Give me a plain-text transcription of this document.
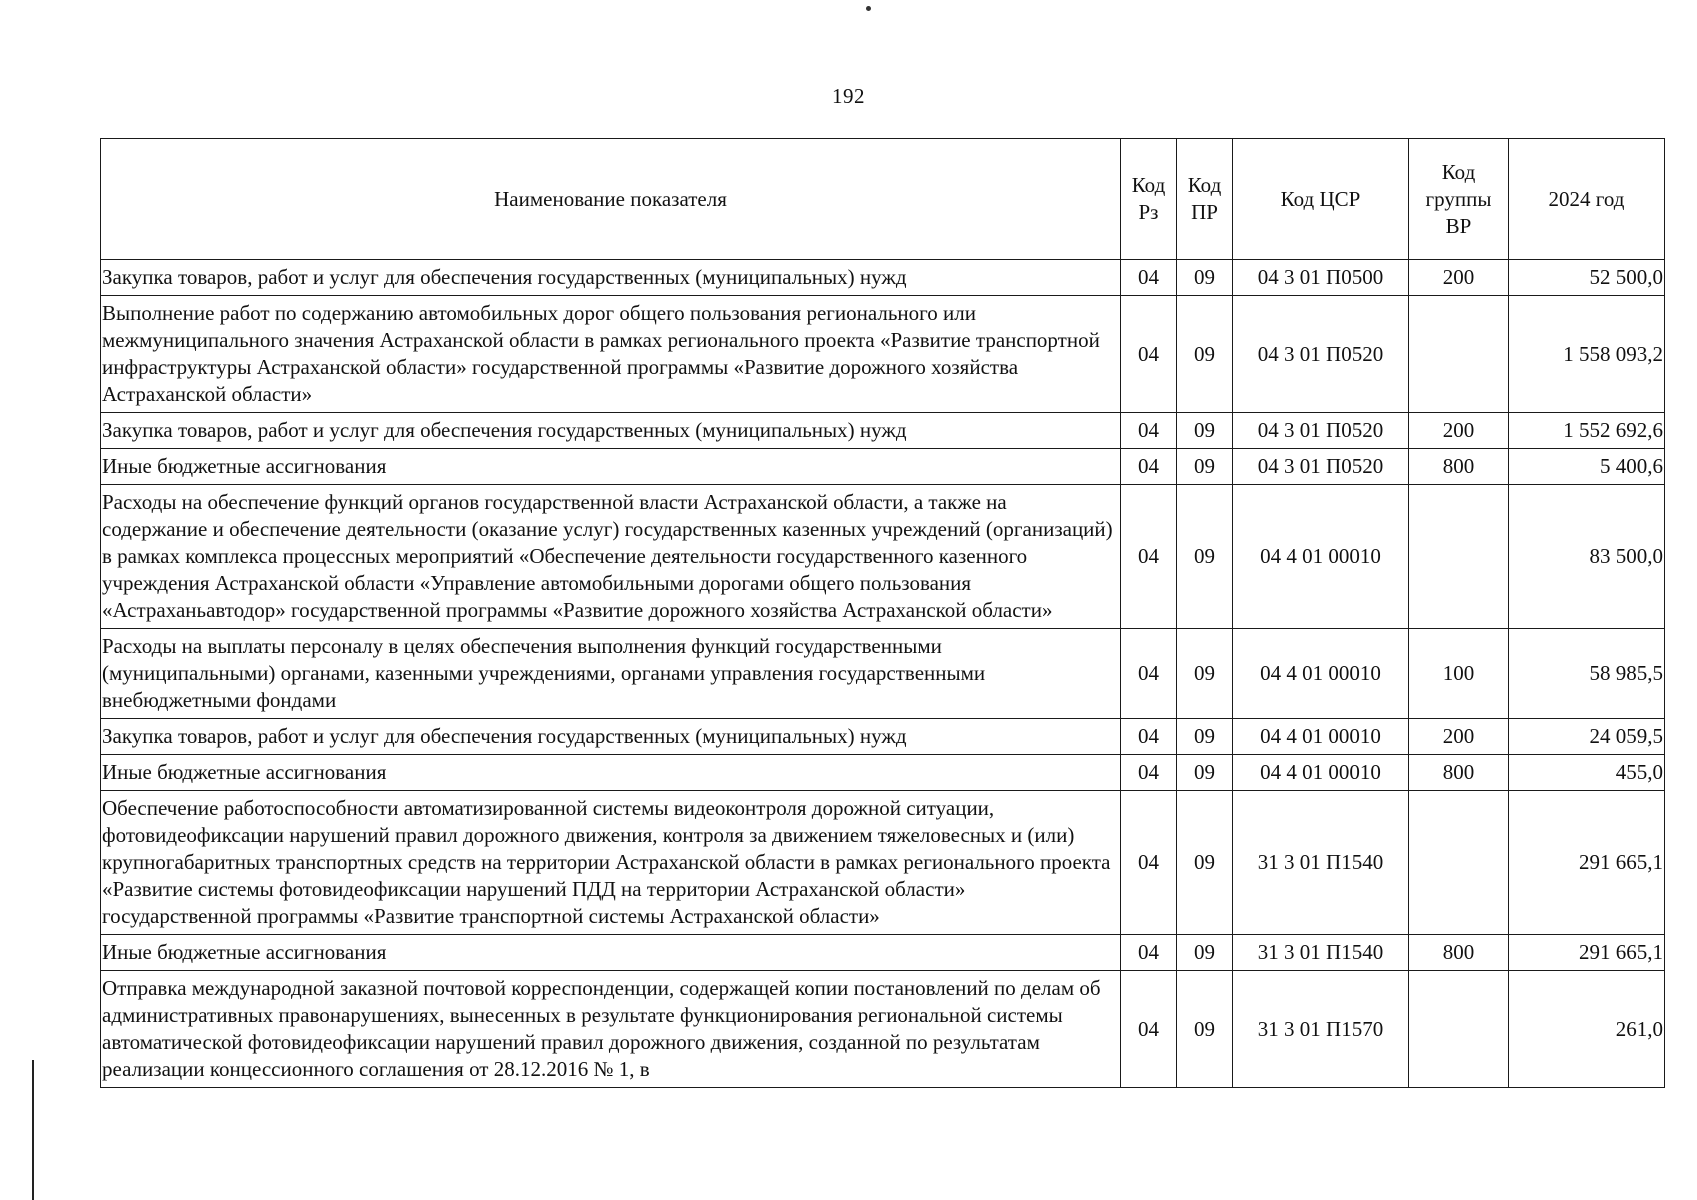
192
Наименование показателя	Код Рз	Код ПР	Код ЦСР	Код группы ВР	2024 год
Закупка товаров, работ и услуг для обеспечения государственных (муниципальных) нужд	04	09	04 3 01 П0500	200	52 500,0
Выполнение работ по содержанию автомобильных дорог общего пользования регионального или межмуниципального значения Астраханской области в рамках регионального проекта «Развитие транспортной инфраструктуры Астраханской области» государственной программы «Развитие дорожного хозяйства Астраханской области»	04	09	04 3 01 П0520		1 558 093,2
Закупка товаров, работ и услуг для обеспечения государственных (муниципальных) нужд	04	09	04 3 01 П0520	200	1 552 692,6
Иные бюджетные ассигнования	04	09	04 3 01 П0520	800	5 400,6
Расходы на обеспечение функций органов государственной власти Астраханской области, а также на содержание и обеспечение деятельности (оказание услуг) государственных казенных учреждений (организаций) в рамках комплекса процессных мероприятий «Обеспечение деятельности государственного казенного учреждения Астраханской области «Управление автомобильными дорогами общего пользования «Астраханьавтодор» государственной программы «Развитие дорожного хозяйства Астраханской области»	04	09	04 4 01 00010		83 500,0
Расходы на выплаты персоналу в целях обеспечения выполнения функций государственными (муниципальными) органами, казенными учреждениями, органами управления государственными внебюджетными фондами	04	09	04 4 01 00010	100	58 985,5
Закупка товаров, работ и услуг для обеспечения государственных (муниципальных) нужд	04	09	04 4 01 00010	200	24 059,5
Иные бюджетные ассигнования	04	09	04 4 01 00010	800	455,0
Обеспечение работоспособности автоматизированной системы видеоконтроля дорожной ситуации, фотовидеофиксации нарушений правил дорожного движения, контроля за движением тяжеловесных и (или) крупногабаритных транспортных средств на территории Астраханской области в рамках регионального проекта «Развитие системы фотовидеофиксации нарушений ПДД на территории Астраханской области» государственной программы «Развитие транспортной системы Астраханской области»	04	09	31 3 01 П1540		291 665,1
Иные бюджетные ассигнования	04	09	31 3 01 П1540	800	291 665,1
Отправка международной заказной почтовой корреспонденции, содержащей копии постановлений по делам об административных правонарушениях, вынесенных в результате функционирования региональной системы автоматической фотовидеофиксации нарушений правил дорожного движения, созданной по результатам реализации концессионного соглашения от 28.12.2016 № 1, в	04	09	31 3 01 П1570		261,0
